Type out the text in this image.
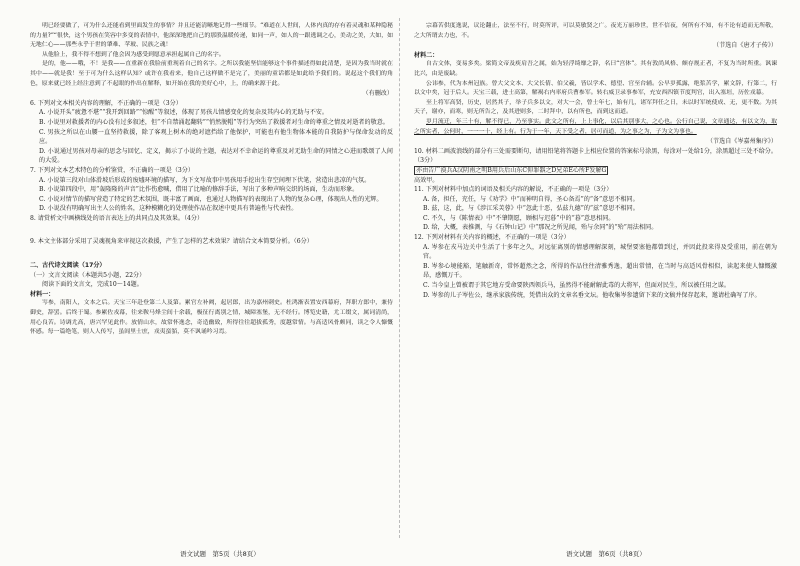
明已经要做了，可为什么还能看到里面发生的事情？并且还能清晰地记得一些细节。“难道在人世间，人体内真的存有着灵魂和某种隐秘的力量?”“很快，这个男孩在笑容中多变的表情中，他深深地把自己的那股温暖传递，如同一声，如人的一跟逃调之心，美动之美，大如，如无地仁心——那些永乎于世的肇难、苹玻、民族之魂！

从他脸上，我不得不想到了他会因为感受到愿意承担起属自己的名字。

是的，他——哦，不！是我——直重新在我脸前重现着自己的名字。之所以我能坚信能够这个事件描述得如此清楚，是因为我当时就在其中——就是我！至于可为什么这样认知？或许在我看来，他自己这样做不是完了，美丽的童话都是如此给予我们的。说起这个我们的角色，原来就已经上经注意到了不起眼的作出在解释，如开始在我的美好心中，上，的确来源于此。

（有删改）

6. 下列对文本相关内容的理解，不正确的一项是（3分）

A. 小说开头“疲惫不堪”“我开到回路”“惊醒”等叙述，体现了男孩儿情感变化的复杂及其内心的无助与不安。

B. 小说里对救援者的内心没有过多叙述，但“不自禁涌起翻转”“悄然脱帽”等行为突出了救援者对生命的尊重之情及对逝者的敬意。

C. 男孩之所以在山腰一直坚持救援，除了客观上树木的绝对遮挡给了他保护，可能也有他生物体本能的自我防护与保命发动的反应。

D. 小说通过男孩对母亲的思念与回忆、定义，揭示了小说的主题，表达对不幸命运的尊重及对无助生命的同情之心进而歌颂了人间的大爱。

7. 下列对文本艺术特色的分析鉴赏，不正确的一项是（3分）

A. 小说第三段对山体滑坡后形成的废墟环境的描写，为下文写故事中男孩用手挖出生存空间埋下伏笔，营造出悲凉的气氛。

B. 小说第四段中，用“轰隆隆的声音”比作伤愈喊，借用了比喻的修辞手法，写出了多种声响交织的场面，生动而形象。

C. 小说对情节的描写营造了特定的艺术氛围，既丰富了画面，也通过人物描写的表现出了人物的复杂心理，体现出人性的光辉。

D. 小说没有明确写出主人公的姓名，这种模糊化的处理使作品在叙述中更具有普遍性与代表性。

8. 请赏析文中画横线处的语言表达上的共同点及其效果。（4分）

9. 本文主体部分采用了灵魂视角来审视这次救援，产生了怎样的艺术效果？请结合文本简要分析。（6分）

二、古代诗文阅读（17分）

（一）文言文阅读（本题共5小题，22分）

阅读下面的文言文，完成10～14题。

材料一：

岑参，南阳人，文本之后。天宝三年赴登第二人及第。累官左补阙，起居郎，出为嘉州刺史。杜鸿渐表置安西幕府，拜职方郎中，兼侍御史，辞罢。后终于蜀。参累佐戎幕，往来鞍马烽尘间十余载，极征行离别之情，城障塞堡，无不经行。博览史籍，尤工缀文，属词清尚，用心良苦。诗调尤高，唐兴罕见此作。放情山水，故常怀逸念，奇造幽致，所得往往超拔孤秀，度越常情。与高适风骨颇同，读之令人慷慨怀感。每一篇绝笔，则人人传写，虽闾里士庶，戎夷蛮貊，莫不讽诵吟习焉。

宗幕苦供度逸说，议论翻止，法至不行，时莫所评，可以莫敏贤之广。夜光万丽珍世，世不信夜，何所有不知，有不论有道而无所敬，之大所谓去力也，不。

（节选自《唐才子传》）

材料二：

自古文体，变易多矣。梁简文帝及庾肩吾之属，始为轻浮绮靡之辞，名曰“宫体”。其有敦尚风格、颇存规正者，不复为当时所重。讽谏比兴，由是废缺。

公讳参，代为本州冠族。曾大父文本、大父长倩、伯父羲，皆以学术、德望、官至台辅。公早岁孤露，绝浆苦学，累文辞，行第二，行以文中矣，冠于后人。天宝三载，进士高第，解褐右内率府兵曹参军。转右威卫录事参军，充安西四镇节度判官，出入塞垣，历佐戎幕。

至上将军高贤，历史，居然其子，举子兵多以文，对大一会，曾士年七，始有几，诸军拜任之日，未以时军统使成、无，更不数。为其天子，谢亦，而寒，则无所告之，及其进则多，二时拜中，以有所也，而到这而道。

岁月流迁，年三十有，解不得已，乃至事实。此文之所有，上上事化，以后其别事大，之心也。公行自己说，文章通达，有以文为，取之所实者，公何时，一一一十，经上有。行为于一年，天下受之者，居可而道，为之事之为，子为文为事也。

（节选自《岑嘉州集序》）

10. 材料二画波浪线的部分有三处需要断句，请用铅笔将答题卡上相应位置的答案标号涂黑，每涂对一处给1分，涂黑超过三处不给分。（3分）

亦由告广漠兵A汉阴南之明B用兵后山东C仰罪器之D兄弟E心所F发解G

高效甲。

11. 下列对材料中加点的词语及相关内容的解说，不正确的一项是（3分）

A. 备，担任，充任，与《劝学》中“而神明自得，圣心备焉”的“备”意思不相同。

B. 兹，这，此，与《涉江采芙蓉》中“忽此十恶，弘兹九德”的“兹”意思不相同。

C. 不久，与《陈情表》中“不肇期愿，顾相与迟暮”中的“暮”意思相同。

D. 给，大概，表推测，与《石钟山记》中“那况之所见闻，殆与余同”的“殆”用法相同。

12. 下列对材料有关内容的概述，不正确的一项是（3分）

A. 岑参在戎马边关中生活了十多年之久，对远征离别的情感理解深刻，城堡要塞他都曾到过，并因此投来得及受重用，前在朝为官。

B. 岑参心境能豁，笔触新奇，常怀超然之念，所得的作品往往清雅秀逸，超出常情，在当时与高适风骨相似，读起来使人慷慨激昂，感慨万千。

C. 当今皇上曾被谓于其它地方受命要陕西领兵马，虽然得不能耐解此毒的大将军，但面对民生，所以被任用之谋。

D. 岑参的儿子岑佐公，继承家族传统，凭借出众的文章名垂文坛。他收集岑参遗留下来的文稿并保存起来，邀请杜确写了序。

语文试题　第5页（共8页）	语文试题　第6页（共8页）
